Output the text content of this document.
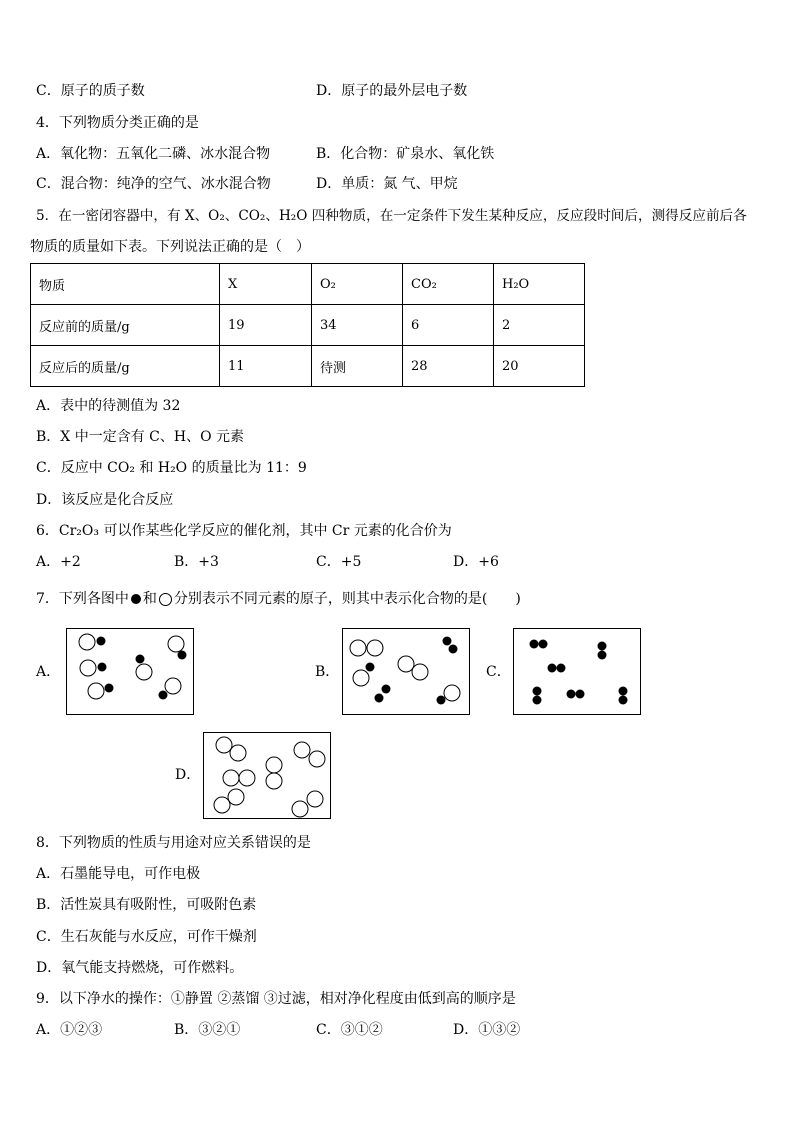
C．原子的质子数	D．原子的最外层电子数
4．下列物质分类正确的是
A．氧化物：五氧化二磷、冰水混合物	B．化合物：矿泉水、氧化铁
C．混合物：纯净的空气、冰水混合物	D．单质：氮 气、甲烷
5．在一密闭容器中，有 X、O₂、CO₂、H₂O 四种物质，在一定条件下发生某种反应，反应段时间后，测得反应前后各
物质的质量如下表。下列说法正确的是（　）
物质	X	O₂	CO₂	H₂O
反应前的质量/g	19	34	6	2
反应后的质量/g	11	待测	28	20
A．表中的待测值为 32
B．X 中一定含有 C、H、O 元素
C．反应中 CO₂ 和 H₂O 的质量比为 11：9
D．该反应是化合反应
6．Cr₂O₃ 可以作某些化学反应的催化剂，其中 Cr 元素的化合价为
A．+2	B．+3	C．+5	D．+6
7．下列各图中 和 分别表示不同元素的原子，则其中表示化合物的是(　　)
A．	B．	C．
D．
8．下列物质的性质与用途对应关系错误的是
A．石墨能导电，可作电极
B．活性炭具有吸附性，可吸附色素
C．生石灰能与水反应，可作干燥剂
D．氧气能支持燃烧，可作燃料。
9．以下净水的操作：①静置 ②蒸馏 ③过滤，相对净化程度由低到高的顺序是
A．①②③	B．③②①	C．③①②	D．①③②
